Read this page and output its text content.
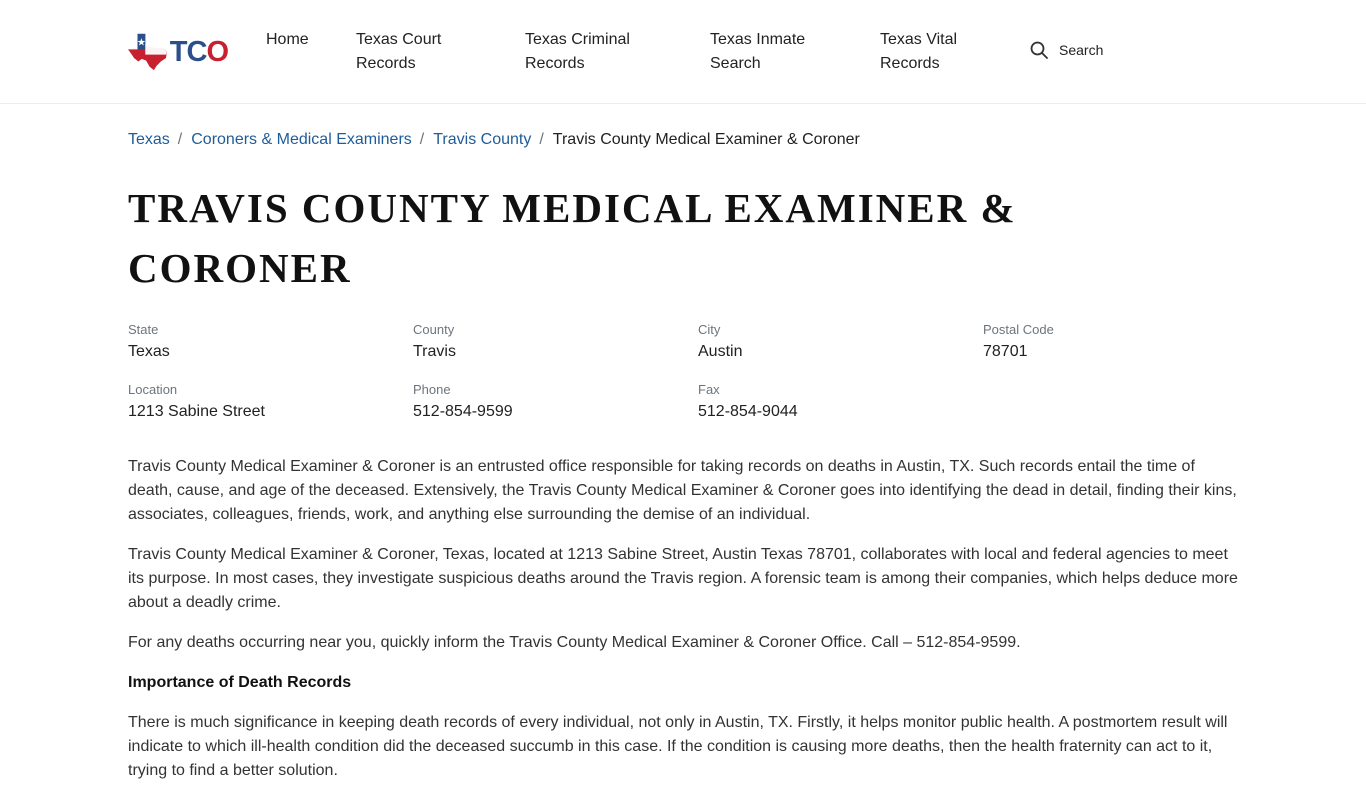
TCO Home	Texas Court Records
Texas Criminal Records
Texas Inmate Search
Texas Vital Records
Search
Texas / Coroners & Medical Examiners / Travis County / Travis County Medical Examiner & Coroner
TRAVIS COUNTY MEDICAL EXAMINER & CORONER
State
Texas
County
Travis
City
Austin
Postal Code
78701
Location
1213 Sabine Street
Phone
512-854-9599
Fax
512-854-9044

Travis County Medical Examiner & Coroner is an entrusted office responsible for taking records on deaths in Austin, TX. Such records entail the time of death, cause, and age of the deceased. Extensively, the Travis County Medical Examiner & Coroner goes into identifying the dead in detail, finding their kins, associates, colleagues, friends, work, and anything else surrounding the demise of an individual.

Travis County Medical Examiner & Coroner, Texas, located at 1213 Sabine Street, Austin Texas 78701, collaborates with local and federal agencies to meet its purpose. In most cases, they investigate suspicious deaths around the Travis region. A forensic team is among their companies, which helps deduce more about a deadly crime.

For any deaths occurring near you, quickly inform the Travis County Medical Examiner & Coroner Office. Call – 512-854-9599.

Importance of Death Records

There is much significance in keeping death records of every individual, not only in Austin, TX. Firstly, it helps monitor public health. A postmortem result will indicate to which ill-health condition did the deceased succumb in this case. If the condition is causing more deaths, then the health fraternity can act to it, trying to find a better solution.
